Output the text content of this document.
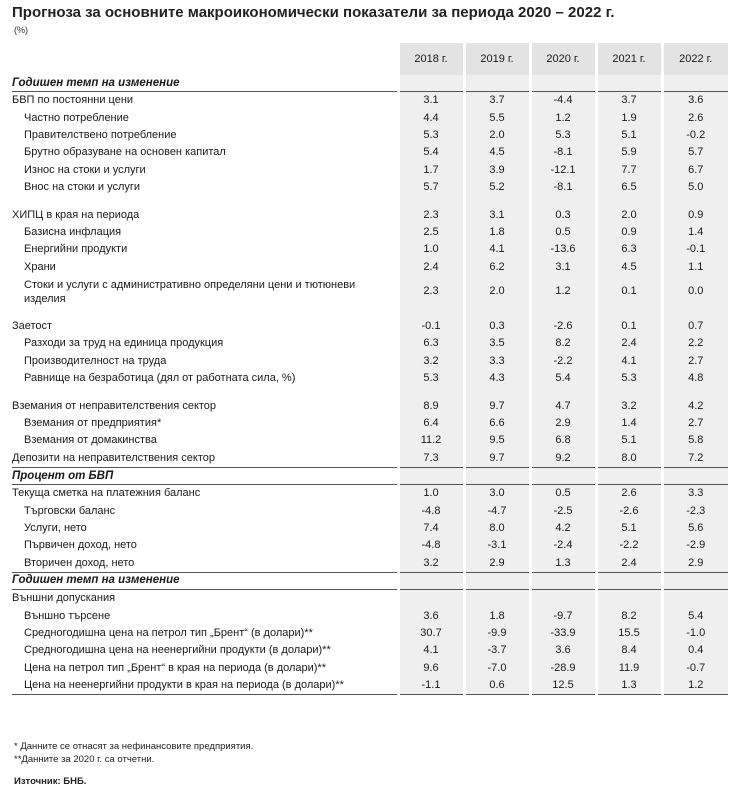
Прогноза за основните макроикономически показатели за периода 2020 – 2022 г.
(%)
	2018 г.	2019 г.	2020 г.	2021 г.	2022 г.
Годишен темп на изменение					
БВП по постоянни цени	3.1	3.7	-4.4	3.7	3.6
Частно потребление	4.4	5.5	1.2	1.9	2.6
Правителствено потребление	5.3	2.0	5.3	5.1	-0.2
Брутно образуване на основен капитал	5.4	4.5	-8.1	5.9	5.7
Износ на стоки и услуги	1.7	3.9	-12.1	7.7	6.7
Внос на стоки и услуги	5.7	5.2	-8.1	6.5	5.0

ХИПЦ в края на периода	2.3	3.1	0.3	2.0	0.9
Базисна инфлация	2.5	1.8	0.5	0.9	1.4
Енергийни продукти	1.0	4.1	-13.6	6.3	-0.1
Храни	2.4	6.2	3.1	4.5	1.1
Стоки и услуги с административно определяни цени и тютюневи изделия	2.3	2.0	1.2	0.1	0.0

Заетост	-0.1	0.3	-2.6	0.1	0.7
Разходи за труд на единица продукция	6.3	3.5	8.2	2.4	2.2
Производителност на труда	3.2	3.3	-2.2	4.1	2.7
Равнище на безработица (дял от работната сила, %)	5.3	4.3	5.4	5.3	4.8

Вземания от неправителствения сектор	8.9	9.7	4.7	3.2	4.2
Вземания от предприятия*	6.4	6.6	2.9	1.4	2.7
Вземания от домакинства	11.2	9.5	6.8	5.1	5.8
Депозити на неправителствения сектор	7.3	9.7	9.2	8.0	7.2
Процент от БВП					
Текуща сметка на платежния баланс	1.0	3.0	0.5	2.6	3.3
Търговски баланс	-4.8	-4.7	-2.5	-2.6	-2.3
Услуги, нето	7.4	8.0	4.2	5.1	5.6
Първичен доход, нето	-4.8	-3.1	-2.4	-2.2	-2.9
Вторичен доход, нето	3.2	2.9	1.3	2.4	2.9
Годишен темп на изменение					
Външни допускания					
Външно търсене	3.6	1.8	-9.7	8.2	5.4
Средногодишна цена на петрол тип „Брент“ (в долари)**	30.7	-9.9	-33.9	15.5	-1.0
Средногодишна цена на неенергийни продукти (в долари)**	4.1	-3.7	3.6	8.4	0.4
Цена на петрол тип „Брент“ в края на периода (в долари)**	9.6	-7.0	-28.9	11.9	-0.7
Цена на неенергийни продукти в края на периода (в долари)**	-1.1	0.6	12.5	1.3	1.2
* Данните се отнасят за нефинансовите предприятия.
**Данните за 2020 г. са отчетни.
Източник: БНБ.
